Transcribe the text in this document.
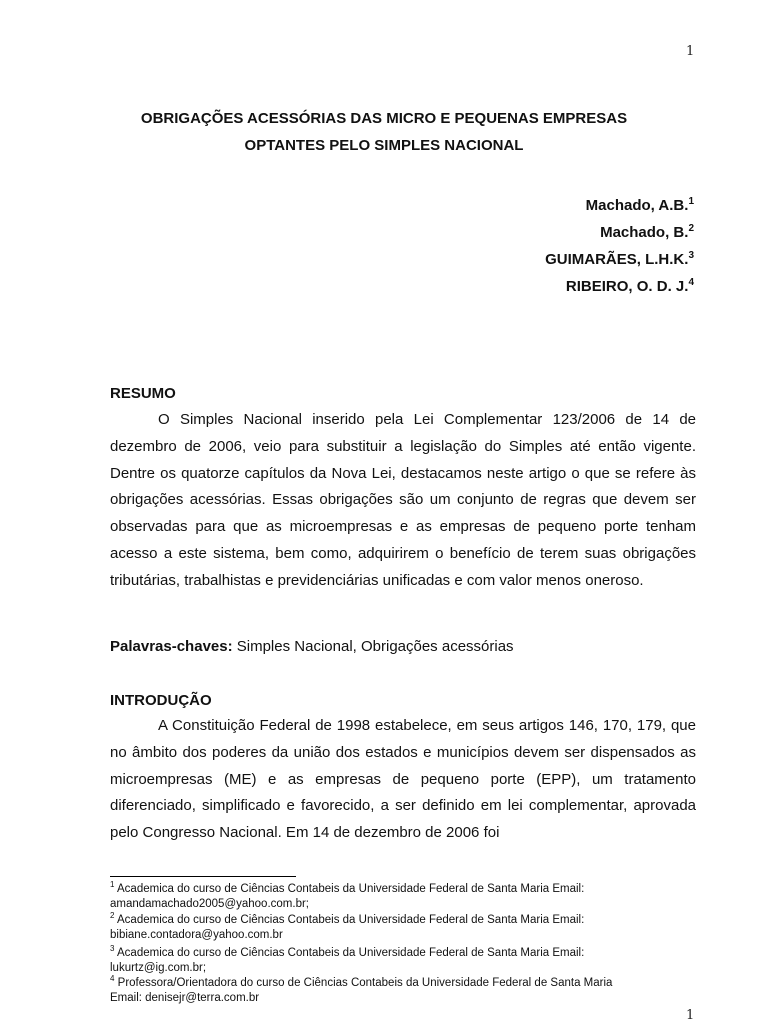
1
OBRIGAÇÕES ACESSÓRIAS DAS MICRO E PEQUENAS EMPRESAS
OPTANTES PELO SIMPLES NACIONAL
Machado, A.B.$^1$
Machado, B.$^2$
GUIMARÃES, L.H.K.$^3$
RIBEIRO, O. D. J.$^4$
RESUMO

O Simples Nacional inserido pela Lei Complementar 123/2006 de 14 de dezembro de 2006, veio para substituir a legislação do Simples até então vigente. Dentre os quatorze capítulos da Nova Lei, destacamos neste artigo o que se refere às obrigações acessórias. Essas obrigações são um conjunto de regras que devem ser observadas para que as microempresas e as empresas de pequeno porte tenham acesso a este sistema, bem como, adquirirem o benefício de terem suas obrigações tributárias, trabalhistas e previdenciárias unificadas e com valor menos oneroso.

Palavras-chaves: Simples Nacional, Obrigações acessórias
INTRODUÇÃO

A Constituição Federal de 1998 estabelece, em seus artigos 146, 170, 179, que no âmbito dos poderes da união dos estados e municípios devem ser dispensados as microempresas (ME) e as empresas de pequeno porte (EPP), um tratamento diferenciado, simplificado e favorecido, a ser definido em lei complementar, aprovada pelo Congresso Nacional. Em 14 de dezembro de 2006 foi

$^1$ Academica do curso de Ciências Contabeis da Universidade Federal de Santa Maria Email:
amandamachado2005@yahoo.com.br;
$^2$ Academica do curso de Ciências Contabeis da Universidade Federal de Santa Maria Email:
bibiane.contadora@yahoo.com.br
$^3$ Academica do curso de Ciências Contabeis da Universidade Federal de Santa Maria Email:
lukurtz@ig.com.br;
$^4$ Professora/Orientadora do curso de Ciências Contabeis da Universidade Federal de Santa Maria
Email: denisejr@terra.com.br
1
